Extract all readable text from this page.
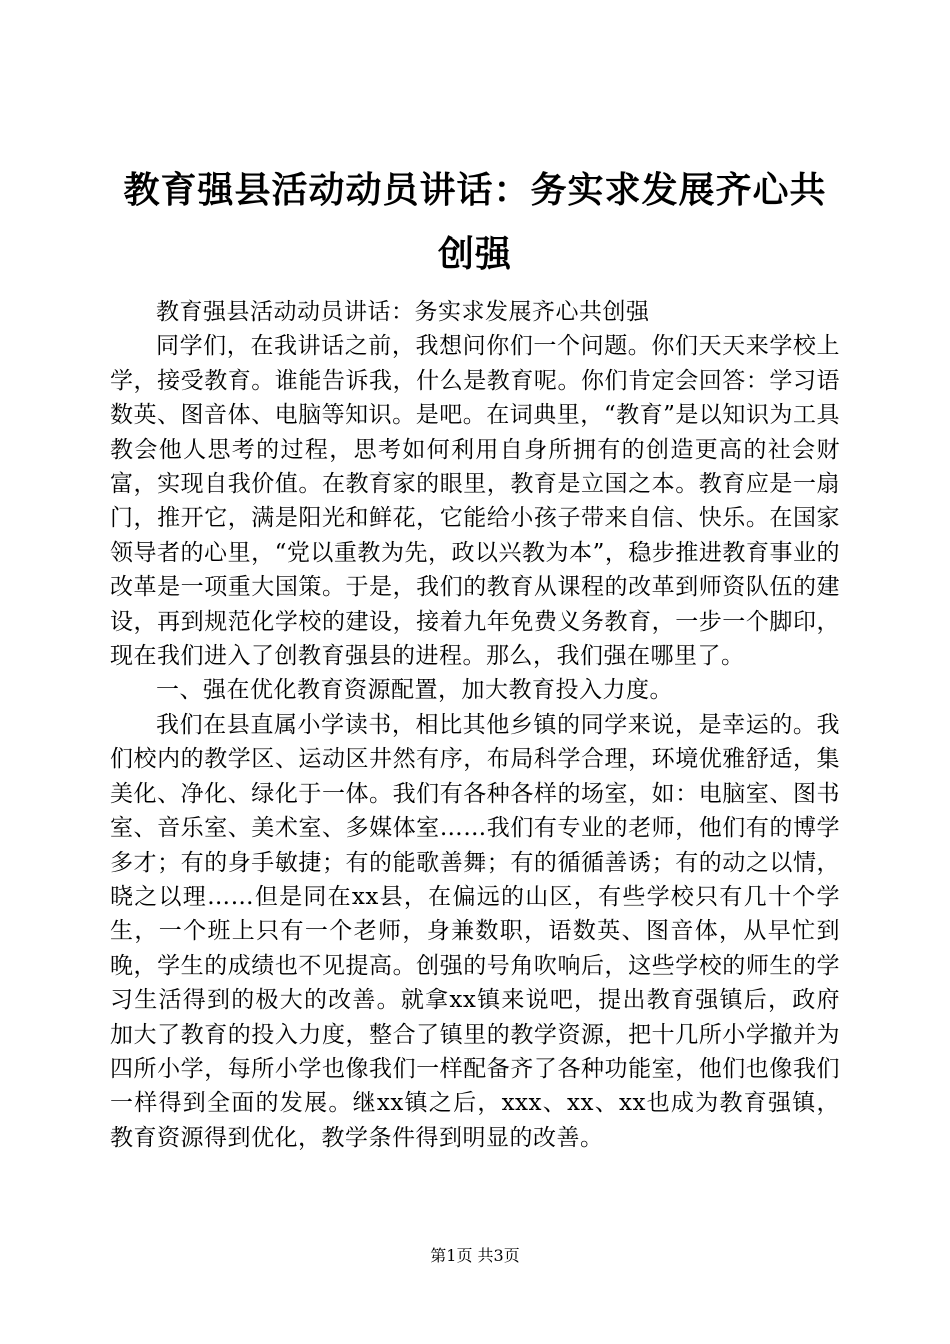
教育强县活动动员讲话：务实求发展齐心共创强

教育强县活动动员讲话：务实求发展齐心共创强

同学们，在我讲话之前，我想问你们一个问题。你们天天来学校上学，接受教育。谁能告诉我，什么是教育呢。你们肯定会回答：学习语数英、图音体、电脑等知识。是吧。在词典里，“教育”是以知识为工具教会他人思考的过程，思考如何利用自身所拥有的创造更高的社会财富，实现自我价值。在教育家的眼里，教育是立国之本。教育应是一扇门，推开它，满是阳光和鲜花，它能给小孩子带来自信、快乐。在国家领导者的心里，“党以重教为先，政以兴教为本”，稳步推进教育事业的改革是一项重大国策。于是，我们的教育从课程的改革到师资队伍的建设，再到规范化学校的建设，接着九年免费义务教育，一步一个脚印，现在我们进入了创教育强县的进程。那么，我们强在哪里了。

一、强在优化教育资源配置，加大教育投入力度。

我们在县直属小学读书，相比其他乡镇的同学来说，是幸运的。我们校内的教学区、运动区井然有序，布局科学合理，环境优雅舒适，集美化、净化、绿化于一体。我们有各种各样的场室，如：电脑室、图书室、音乐室、美术室、多媒体室……我们有专业的老师，他们有的博学多才；有的身手敏捷；有的能歌善舞；有的循循善诱；有的动之以情，晓之以理……但是同在xx县，在偏远的山区，有些学校只有几十个学生，一个班上只有一个老师，身兼数职，语数英、图音体，从早忙到晚，学生的成绩也不见提高。创强的号角吹响后，这些学校的师生的学习生活得到的极大的改善。就拿xx镇来说吧，提出教育强镇后，政府加大了教育的投入力度，整合了镇里的教学资源，把十几所小学撤并为四所小学，每所小学也像我们一样配备齐了各种功能室，他们也像我们一样得到全面的发展。继xx镇之后，xxx、xx、xx也成为教育强镇，教育资源得到优化，教学条件得到明显的改善。

第1页 共3页
